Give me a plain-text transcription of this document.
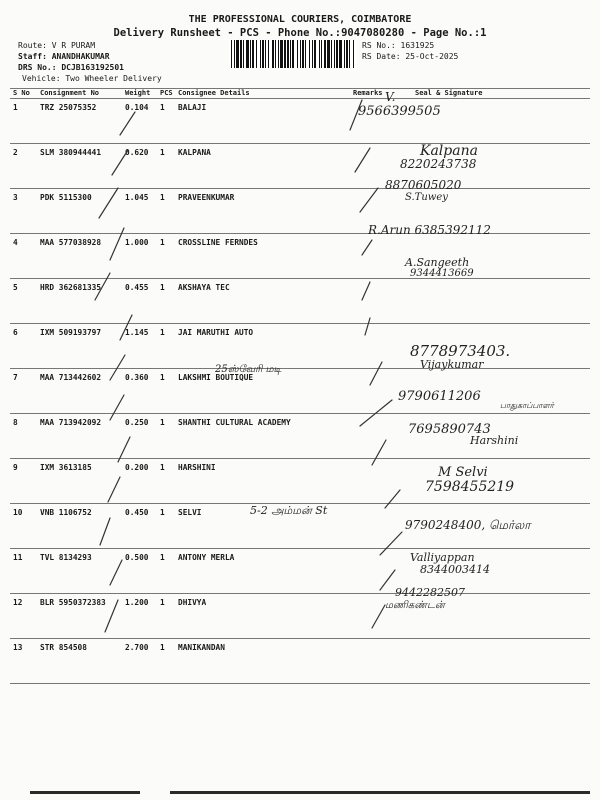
THE PROFESSIONAL COURIERS, COIMBATORE
Delivery Runsheet - PCS - Phone No.:9047080280 - Page No.:1
Route: V R PURAM
Staff: ANANDHAKUMAR
DRS No.: DCJB163192501
Vehicle: Two Wheeler Delivery
RS No.: 1631925
RS Date: 25-Oct-2025
S No	Consignment No	Weight	PCS	Consignee Details	Remarks	Seal & Signature
1	TRZ 25075352	0.104	1	BALAJI		
2	SLM 380944441	0.620	1	KALPANA		
3	PDK 5115300	1.045	1	PRAVEENKUMAR		
4	MAA 577038928	1.000	1	CROSSLINE FERNDES		
5	HRD 362681335	0.455	1	AKSHAYA TEC		
6	IXM 509193797	1.145	1	JAI MARUTHI AUTO		
7	MAA 713442602	0.360	1	LAKSHMI BOUTIQUE		
8	MAA 713942092	0.250	1	SHANTHI CULTURAL ACADEMY		
9	IXM 3613185	0.200	1	HARSHINI		
10	VNB 1106752	0.450	1	SELVI		
11	TVL 8134293	0.500	1	ANTONY MERLA		
12	BLR 5950372383	1.200	1	DHIVYA		
13	STR 854508	2.700	1	MANIKANDAN		
V.
9566399505
Kalpana
8220243738
8870605020
S.Tuwey
R.Arun 6385392112
A.Sangeeth
9344413669
25ஸ்வேரி மடி
8778973403.
Vijaykumar
9790611206
பாதுகாப்பாளர்
7695890743
Harshini
M Selvi
7598455219
5-2 அம்மன் St
9790248400, மெர்லா
Valliyappan
8344003414
9442282507
மணிகண்டன்
